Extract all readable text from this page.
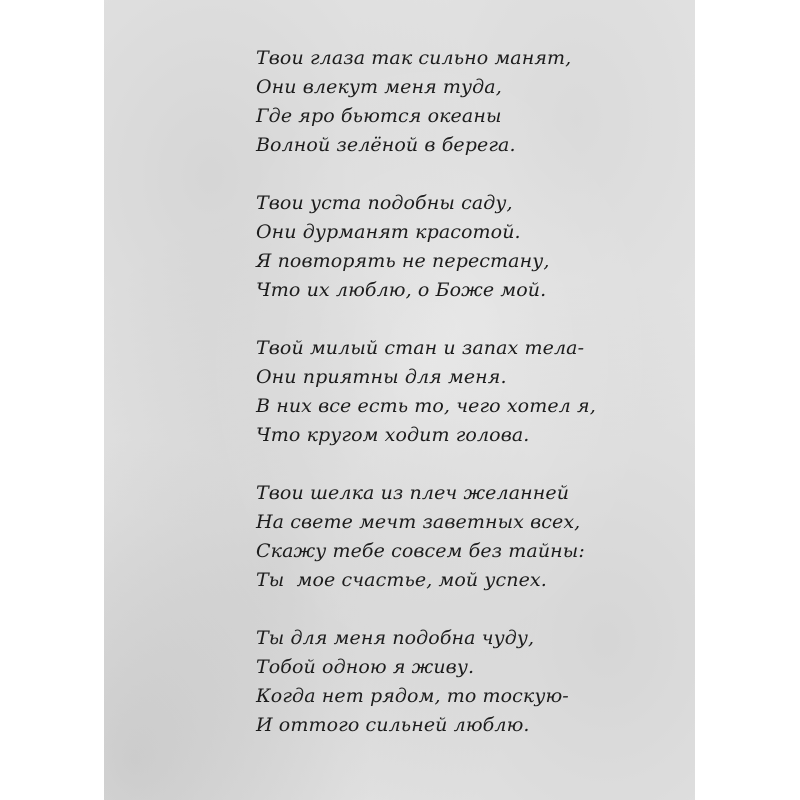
Твои глаза так сильно манят,
Они влекут меня туда,
Где яро бьются океаны
Волной зелёной в берега.
Твои уста подобны саду,
Они дурманят красотой.
Я повторять не перестану,
Что их люблю, о Боже мой.
Твой милый стан и запах тела-
Они приятны для меня.
В них все есть то, чего хотел я,
Что кругом ходит голова.
Твои шелка из плеч желанней
На свете мечт заветных всех,
Скажу тебе совсем без тайны:
Ты  мое счастье, мой успех.
Ты для меня подобна чуду,
Тобой одною я живу.
Когда нет рядом, то тоскую-
И оттого сильней люблю.
